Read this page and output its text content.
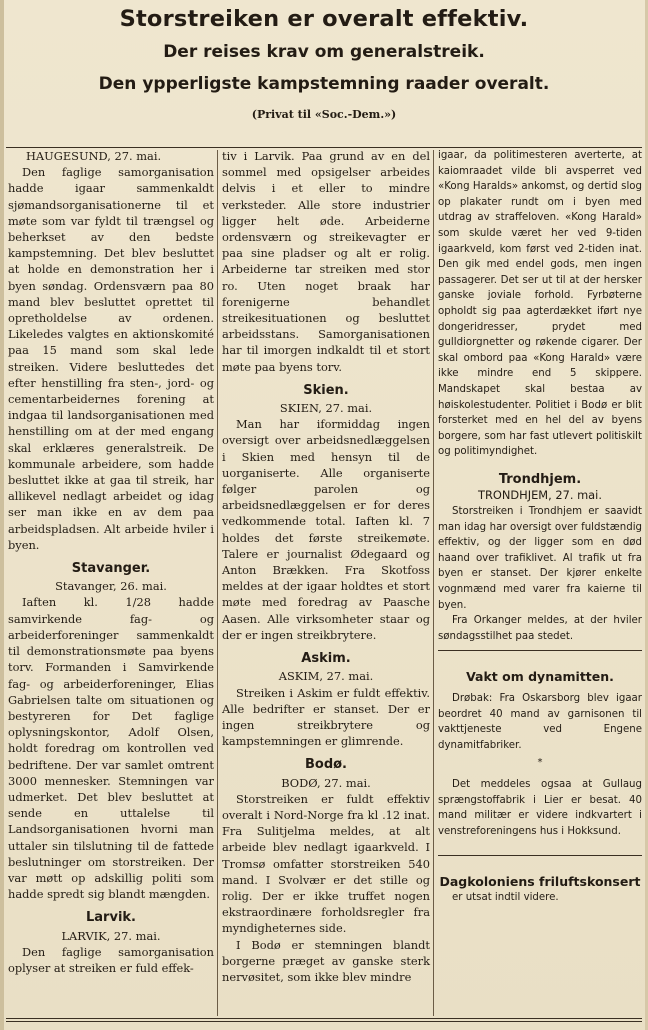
Storstreiken er overalt effektiv.
Der reises krav om generalstreik.
Den ypperligste kampstemning raader overalt.
(Privat til «Soc.-Dem.»)

HAUGESUND, 27. mai.

Den faglige samorganisation hadde igaar sammenkaldt sjømandsorganisationerne til et møte som var fyldt til trængsel og beherkset av den bedste kampstemning. Det blev besluttet at holde en demonstration her i byen søndag. Ordensværn paa 80 mand blev besluttet oprettet til opretholdelse av ordenen. Likeledes valgtes en aktionskomité paa 15 mand som skal lede streiken. Videre besluttedes det efter henstilling fra sten-, jord- og cementarbeidernes forening at indgaa til landsorganisationen med henstilling om at der med engang skal erklæres generalstreik. De kommunale arbeidere, som hadde besluttet ikke at gaa til streik, har allikevel nedlagt arbeidet og idag ser man ikke en av dem paa arbeidspladsen. Alt arbeide hviler i byen.

Stavanger.
Stavanger, 26. mai.

Iaften kl. 1/28 hadde samvirkende fag- og arbeiderforeninger sammenkaldt til demonstrationsmøte paa byens torv. Formanden i Samvirkende fag- og arbeiderforeninger, Elias Gabrielsen talte om situationen og bestyreren for Det faglige oplysningskontor, Adolf Olsen, holdt foredrag om kontrollen ved bedriftene. Der var samlet omtrent 3000 mennesker. Stemningen var udmerket. Det blev besluttet at sende en uttalelse til Landsorganisationen hvorni man uttaler sin tilslutning til de fattede beslutninger om storstreiken. Der var møtt op adskillig politi som hadde spredt sig blandt mængden.

Larvik.
LARVIK, 27. mai.

Den faglige samorganisation oplyser at streiken er fuld effek-

tiv i Larvik. Paa grund av en del sommel med opsigelser arbeides delvis i et eller to mindre verksteder. Alle store industrier ligger helt øde. Arbeiderne ordensværn og streikevagter er paa sine pladser og alt er rolig. Arbeiderne tar streiken med stor ro. Uten noget braak har forenigerne behandlet streikesituationen og besluttet arbeidsstans. Samorganisationen har til imorgen indkaldt til et stort møte paa byens torv.

Skien.
SKIEN, 27. mai.

Man har iformiddag ingen oversigt over arbeidsnedlæggelsen i Skien med hensyn til de uorganiserte. Alle organiserte følger parolen og arbeidsnedlæggelsen er for deres vedkommende total. Iaften kl. 7 holdes det første streikemøte. Talere er journalist Ødegaard og Anton Brækken. Fra Skotfoss meldes at der igaar holdtes et stort møte med foredrag av Paasche Aasen. Alle virksomheter staar og der er ingen streikbrytere.

Askim.
ASKIM, 27. mai.

Streiken i Askim er fuldt effektiv. Alle bedrifter er stanset. Der er ingen streikbrytere og kampstemningen er glimrende.

Bodø.
BODØ, 27. mai.

Storstreiken er fuldt effektiv overalt i Nord-Norge fra kl .12 inat. Fra Sulitjelma meldes, at alt arbeide blev nedlagt igaarkveld. I Tromsø omfatter storstreiken 540 mand. I Svolvær er det stille og rolig. Der er ikke truffet nogen ekstraordinære forholdsregler fra myndigheternes side.

I Bodø er stemningen blandt borgerne præget av ganske sterk nervøsitet, som ikke blev mindre

igaar, da politimesteren averterte, at kaiomraadet vilde bli avsperret ved «Kong Haralds» ankomst, og dertid slog op plakater rundt om i byen med utdrag av straffeloven. «Kong Harald» som skulde været her ved 9-tiden igaarkveld, kom først ved 2-tiden inat. Den gik med endel gods, men ingen passagerer. Det ser ut til at der hersker ganske joviale forhold. Fyrbøterne opholdt sig paa agterdækket iført nye dongeridresser, prydet med gulldiorgnetter og røkende cigarer. Der skal ombord paa «Kong Harald» være ikke mindre end 5 skippere. Mandskapet skal bestaa av høiskolestudenter. Politiet i Bodø er blit forsterket med en hel del av byens borgere, som har fast utlevert politiskilt og politimyndighet.

Trondhjem.
TRONDHJEM, 27. mai.

Storstreiken i Trondhjem er saavidt man idag har oversigt over fuldstændig effektiv, og der ligger som en død haand over trafiklivet. Al trafik ut fra byen er stanset. Der kjører enkelte vognmænd med varer fra kaierne til byen.

Fra Orkanger meldes, at der hviler søndagsstilhet paa stedet.

Vakt om dynamitten.

Drøbak: Fra Oskarsborg blev igaar beordret 40 mand av garnisonen til vakttjeneste ved Engene dynamitfabriker.

*

Det meddeles ogsaa at Gullaug sprængstoffabrik i Lier er besat. 40 mand militær er videre indkvartert i venstreforeningens hus i Hokksund.

Dagkoloniens friluftskonsert

er utsat indtil videre.
